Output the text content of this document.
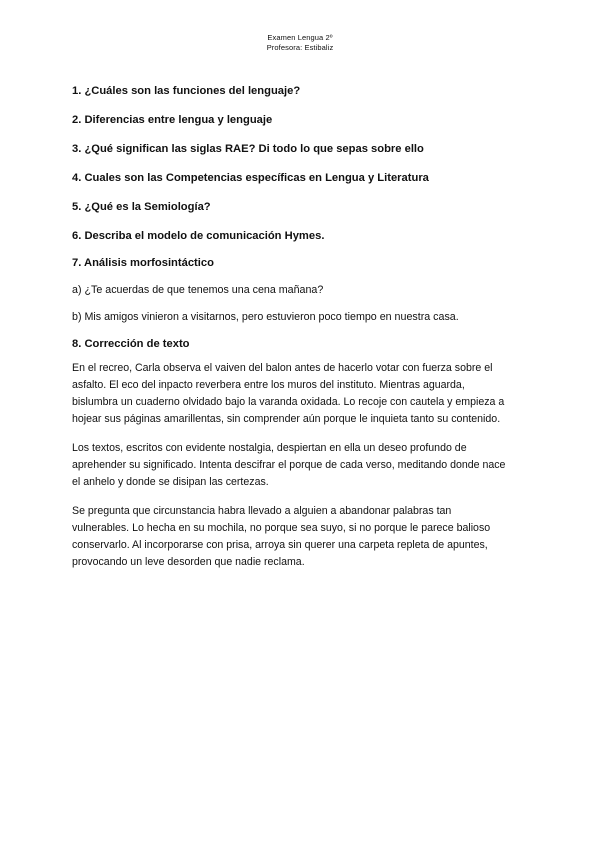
Examen Lengua 2º
Profesora: Estibaliz

1. ¿Cuáles son las funciones del lenguaje?

2. Diferencias entre lengua y lenguaje

3. ¿Qué significan las siglas RAE? Di todo lo que sepas sobre ello

4. Cuales son las Competencias específicas en Lengua y Literatura

5. ¿Qué es la Semiología?

6. Describa el modelo de comunicación Hymes.

7. Análisis morfosintáctico

a) ¿Te acuerdas de que tenemos una cena mañana?

b) Mis amigos vinieron a visitarnos, pero estuvieron poco tiempo en nuestra casa.

8. Corrección de texto

En el recreo, Carla observa el vaiven del balon antes de hacerlo votar con fuerza sobre el
asfalto. El eco del inpacto reverbera entre los muros del instituto. Mientras aguarda,
bislumbra un cuaderno olvidado bajo la varanda oxidada. Lo recoje con cautela y empieza a
hojear sus páginas amarillentas, sin comprender aún porque le inquieta tanto su contenido.

Los textos, escritos con evidente nostalgia, despiertan en ella un deseo profundo de
aprehender su significado. Intenta descifrar el porque de cada verso, meditando donde nace
el anhelo y donde se disipan las certezas.

Se pregunta que circunstancia habra llevado a alguien a abandonar palabras tan
vulnerables. Lo hecha en su mochila, no porque sea suyo, si no porque le parece balioso
conservarlo. Al incorporarse con prisa, arroya sin querer una carpeta repleta de apuntes,
provocando un leve desorden que nadie reclama.
